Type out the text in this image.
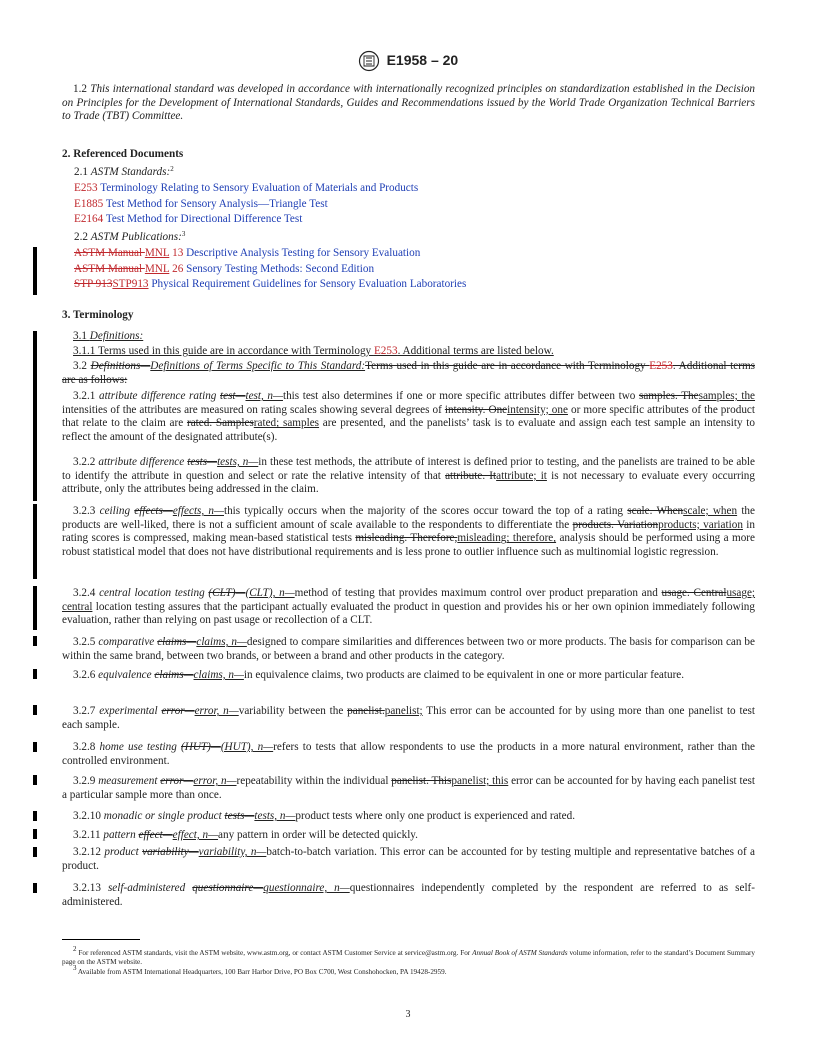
E1958 – 20

1.2 This international standard was developed in accordance with internationally recognized principles on standardization established in the Decision on Principles for the Development of International Standards, Guides and Recommendations issued by the World Trade Organization Technical Barriers to Trade (TBT) Committee.

2. Referenced Documents
2.1 ASTM Standards:$^2$
E253 Terminology Relating to Sensory Evaluation of Materials and Products
E1885 Test Method for Sensory Analysis—Triangle Test
E2164 Test Method for Directional Difference Test
2.2 ASTM Publications:$^3$
ASTM Manual MNL 13 Descriptive Analysis Testing for Sensory Evaluation
ASTM Manual MNL 26 Sensory Testing Methods: Second Edition
STP 913STP913 Physical Requirement Guidelines for Sensory Evaluation Laboratories
3. Terminology

3.1 Definitions:

3.1.1 Terms used in this guide are in accordance with Terminology E253. Additional terms are listed below.

3.2 Definitions—Definitions of Terms Specific to This Standard:Terms used in this guide are in accordance with Terminology E253. Additional terms are as follows:

3.2.1 attribute difference rating test—test, n—this test also determines if one or more specific attributes differ between two samples. Thesamples; the intensities of the attributes are measured on rating scales showing several degrees of intensity. Oneintensity; one or more specific attributes of the product that relate to the claim are rated. Samplesrated; samples are presented, and the panelists’ task is to evaluate and assign each test sample an intensity to reflect the amount of the designated attribute(s).

3.2.2 attribute difference tests—tests, n—in these test methods, the attribute of interest is defined prior to testing, and the panelists are trained to be able to identify the attribute in question and select or rate the relative intensity of that attribute. Itattribute; it is not necessary to evaluate every occurring attribute, only the attributes being addressed in the claim.

3.2.3 ceiling effects—effects, n—this typically occurs when the majority of the scores occur toward the top of a rating scale. Whenscale; when the products are well-liked, there is not a sufficient amount of scale available to the respondents to differentiate the products. Variationproducts; variation in rating scores is compressed, making mean-based statistical tests misleading. Therefore,misleading; therefore, analysis should be performed using a more robust statistical model that does not have distributional requirements and is less prone to outlier influence such as multinomial logistic regression.

3.2.4 central location testing (CLT)—(CLT), n—method of testing that provides maximum control over product preparation and usage. Centralusage; central location testing assures that the participant actually evaluated the product in question and provides his or her own opinion immediately following evaluation, rather than relying on past usage or recollection of a CLT.

3.2.5 comparative claims—claims, n—designed to compare similarities and differences between two or more products. The basis for comparison can be within the same brand, between two brands, or between a brand and other products in the category.

3.2.6 equivalence claims—claims, n—in equivalence claims, two products are claimed to be equivalent in one or more particular feature.

3.2.7 experimental error—error, n—variability between the panelist.panelist; This error can be accounted for by using more than one panelist to test each sample.

3.2.8 home use testing (HUT)—(HUT), n—refers to tests that allow respondents to use the products in a more natural environment, rather than the controlled environment.

3.2.9 measurement error—error, n—repeatability within the individual panelist. Thispanelist; this error can be accounted for by having each panelist test a particular sample more than once.

3.2.10 monadic or single product tests—tests, n—product tests where only one product is experienced and rated.

3.2.11 pattern effect—effect, n—any pattern in order will be detected quickly.

3.2.12 product variability—variability, n—batch-to-batch variation. This error can be accounted for by testing multiple and representative batches of a product.

3.2.13 self-administered questionnaire—questionnaire, n—questionnaires independently completed by the respondent are referred to as self-administered.

2 For referenced ASTM standards, visit the ASTM website, www.astm.org, or contact ASTM Customer Service at service@astm.org. For Annual Book of ASTM Standards volume information, refer to the standard’s Document Summary page on the ASTM website.

3 Available from ASTM International Headquarters, 100 Barr Harbor Drive, PO Box C700, West Conshohocken, PA 19428-2959.

3
